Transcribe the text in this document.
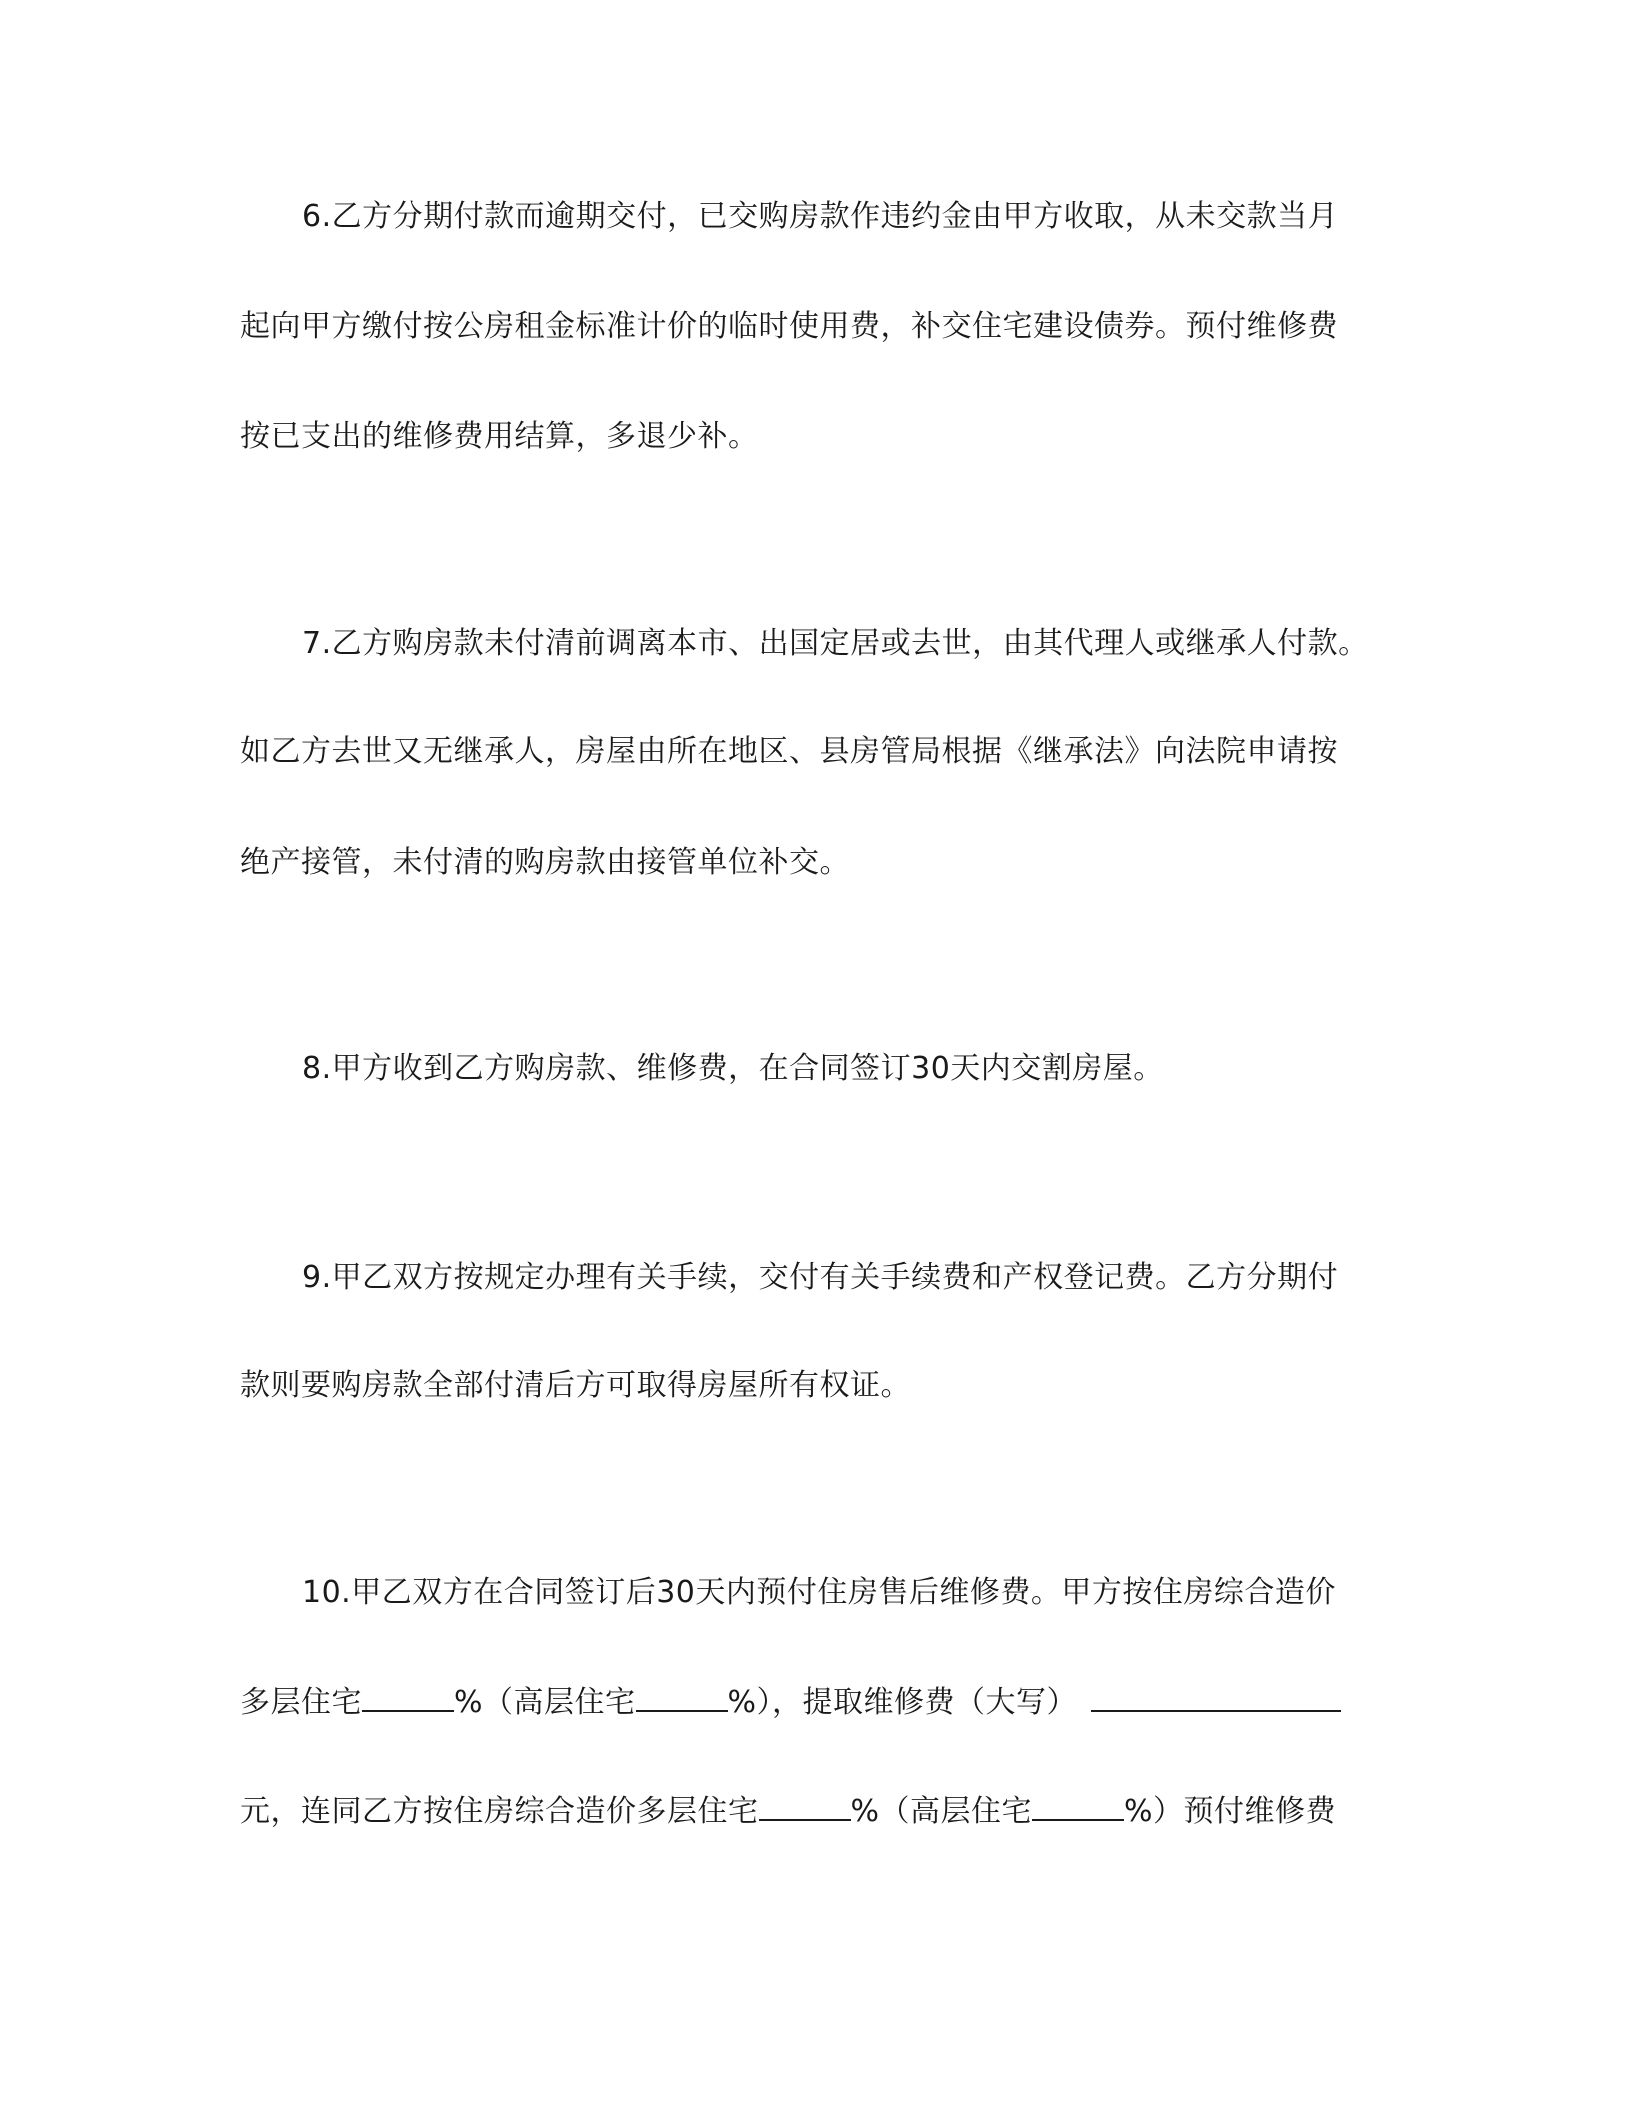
6.乙方分期付款而逾期交付，已交购房款作违约金由甲方收取，从未交款当月
起向甲方缴付按公房租金标准计价的临时使用费，补交住宅建设债券。预付维修费
按已支出的维修费用结算，多退少补。
7.乙方购房款未付清前调离本市、出国定居或去世，由其代理人或继承人付款。
如乙方去世又无继承人，房屋由所在地区、县房管局根据《继承法》向法院申请按
绝产接管，未付清的购房款由接管单位补交。
8.甲方收到乙方购房款、维修费，在合同签订30天内交割房屋。
9.甲乙双方按规定办理有关手续，交付有关手续费和产权登记费。乙方分期付
款则要购房款全部付清后方可取得房屋所有权证。
10.甲乙双方在合同签订后30天内预付住房售后维修费。甲方按住房综合造价
多层住宅	%（高层住宅	%），提取维修费（大写）
元，连同乙方按住房综合造价多层住宅	%（高层住宅	%）预付维修费
